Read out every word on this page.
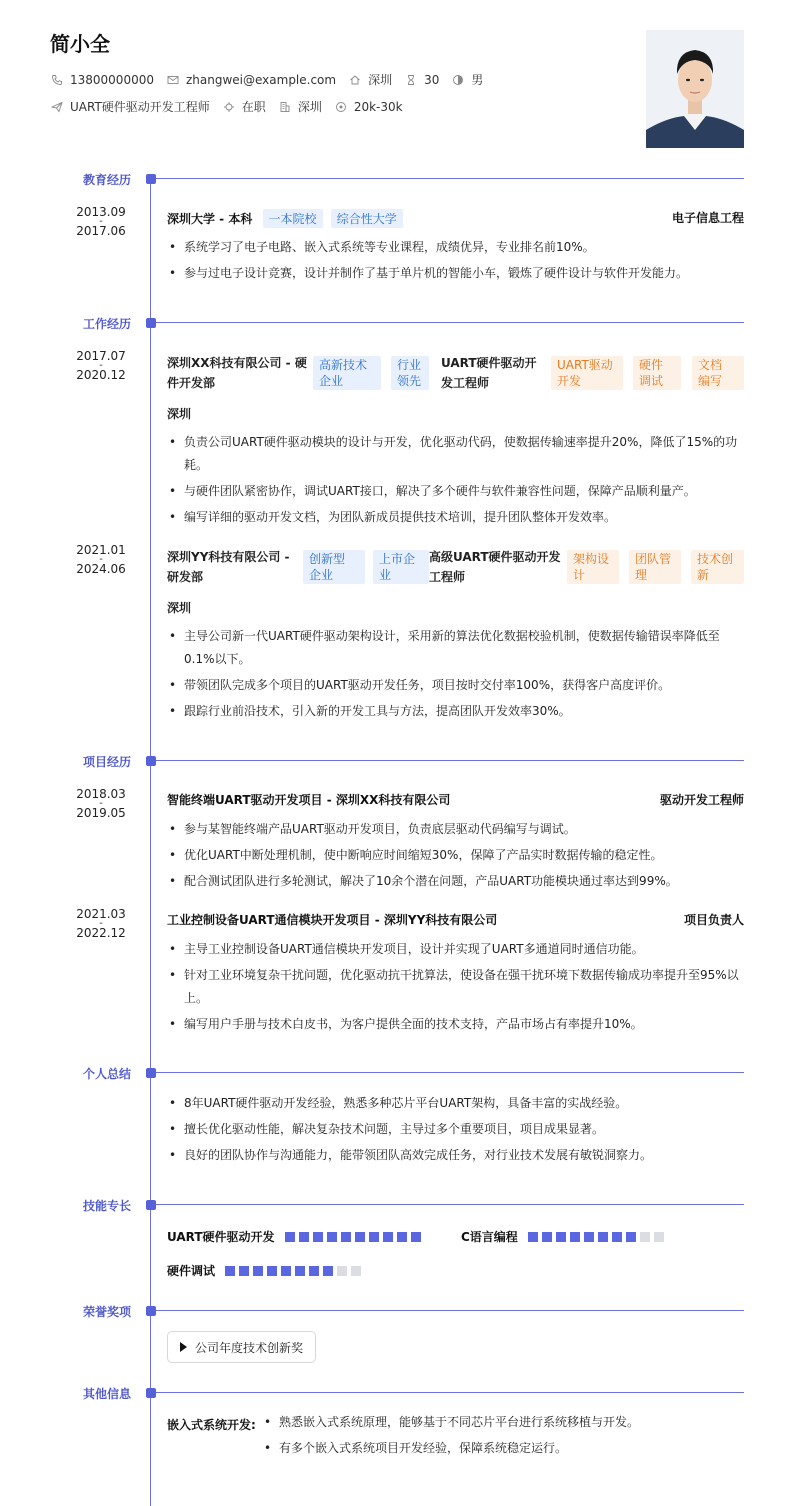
简小全
13800000000	zhangwei@example.com	深圳	30	男
UART硬件驱动开发工程师	在职	深圳	20k-30k
教育经历
2013.09
-
2017.06
深圳大学 - 本科 一本院校 综合性大学	电子信息工程
• 系统学习了电子电路、嵌入式系统等专业课程，成绩优异，专业排名前10%。
• 参与过电子设计竞赛，设计并制作了基于单片机的智能小车，锻炼了硬件设计与软件开发能力。
工作经历
2017.07
-
2020.12
深圳XX科技有限公司 - 硬
件开发部
高新技术
企业
行业
领先
UART硬件驱动开
发工程师
UART驱动
开发
硬件
调试
文档
编写
深圳
• 负责公司UART硬件驱动模块的设计与开发，优化驱动代码，使数据传输速率提升20%，降低了15%的功耗。
• 与硬件团队紧密协作，调试UART接口，解决了多个硬件与软件兼容性问题，保障产品顺利量产。
• 编写详细的驱动开发文档，为团队新成员提供技术培训，提升团队整体开发效率。
2021.01
-
2024.06
深圳YY科技有限公司 -
研发部
创新型
企业
上市企
业
高级UART硬件驱动开发
工程师
架构设
计
团队管
理
技术创
新
深圳
• 主导公司新一代UART硬件驱动架构设计，采用新的算法优化数据校验机制，使数据传输错误率降低至0.1%以下。
• 带领团队完成多个项目的UART驱动开发任务，项目按时交付率100%，获得客户高度评价。
• 跟踪行业前沿技术，引入新的开发工具与方法，提高团队开发效率30%。
项目经历
2018.03
-
2019.05
智能终端UART驱动开发项目 - 深圳XX科技有限公司	驱动开发工程师
• 参与某智能终端产品UART驱动开发项目，负责底层驱动代码编写与调试。
• 优化UART中断处理机制，使中断响应时间缩短30%，保障了产品实时数据传输的稳定性。
• 配合测试团队进行多轮测试，解决了10余个潜在问题，产品UART功能模块通过率达到99%。
2021.03
-
2022.12
工业控制设备UART通信模块开发项目 - 深圳YY科技有限公司	项目负责人
• 主导工业控制设备UART通信模块开发项目，设计并实现了UART多通道同时通信功能。
• 针对工业环境复杂干扰问题，优化驱动抗干扰算法，使设备在强干扰环境下数据传输成功率提升至95%以上。
• 编写用户手册与技术白皮书，为客户提供全面的技术支持，产品市场占有率提升10%。
个人总结
• 8年UART硬件驱动开发经验，熟悉多种芯片平台UART架构，具备丰富的实战经验。
• 擅长优化驱动性能，解决复杂技术问题，主导过多个重要项目，项目成果显著。
• 良好的团队协作与沟通能力，能带领团队高效完成任务，对行业技术发展有敏锐洞察力。
技能专长
UART硬件驱动开发	C语言编程
硬件调试
荣誉奖项
公司年度技术创新奖
其他信息
嵌入式系统开发:
•	熟悉嵌入式系统原理，能够基于不同芯片平台进行系统移植与开发。
• 有多个嵌入式系统项目开发经验，保障系统稳定运行。
